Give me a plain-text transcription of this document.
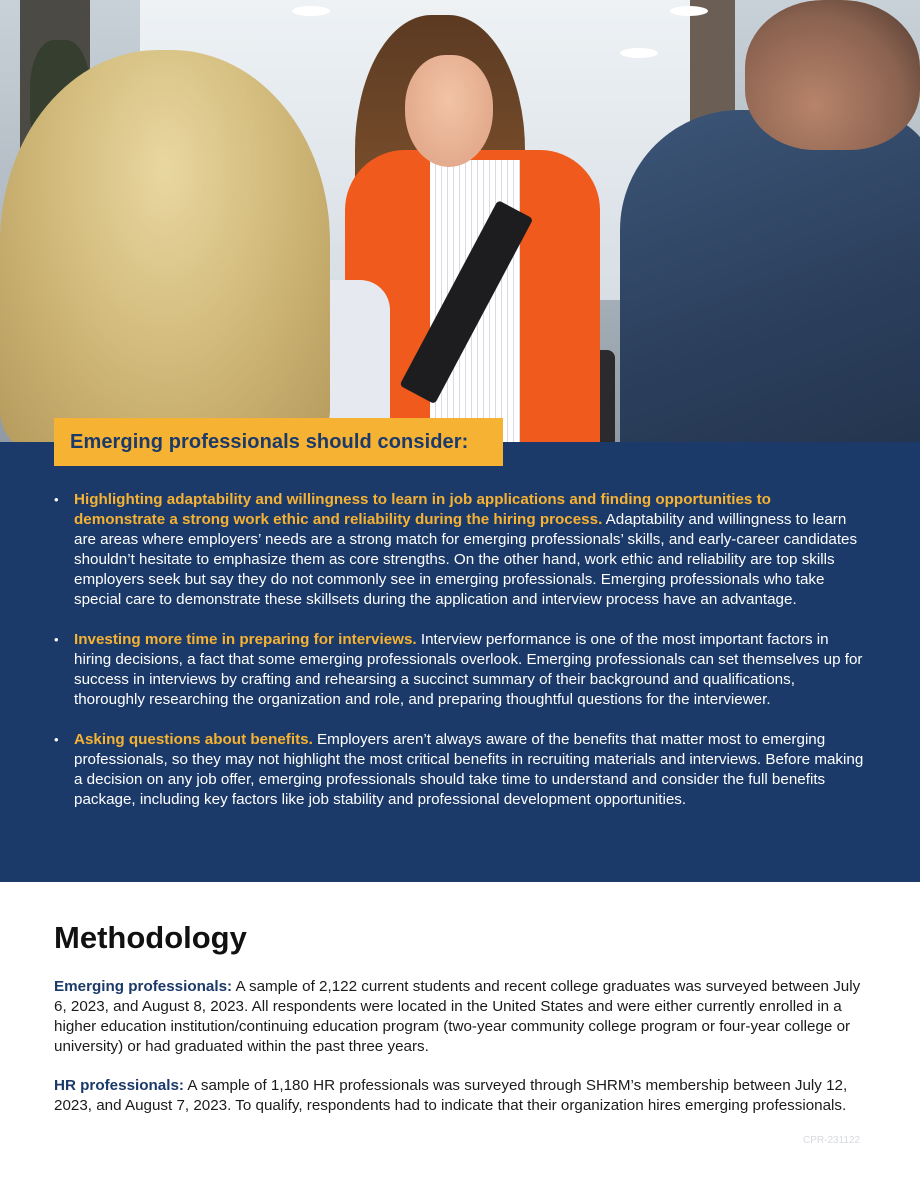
Emerging professionals should consider:
• Highlighting adaptability and willingness to learn in job applications and finding opportunities to demonstrate a strong work ethic and reliability during the hiring process. Adaptability and willingness to learn are areas where employers’ needs are a strong match for emerging professionals’ skills, and early-career candidates shouldn’t hesitate to emphasize them as core strengths. On the other hand, work ethic and reliability are top skills employers seek but say they do not commonly see in emerging professionals. Emerging professionals who take special care to demonstrate these skillsets during the application and interview process have an advantage.
• Investing more time in preparing for interviews. Interview performance is one of the most important factors in hiring decisions, a fact that some emerging professionals overlook. Emerging professionals can set themselves up for success in interviews by crafting and rehearsing a succinct summary of their background and qualifications, thoroughly researching the organization and role, and preparing thoughtful questions for the interviewer.
• Asking questions about benefits. Employers aren’t always aware of the benefits that matter most to emerging professionals, so they may not highlight the most critical benefits in recruiting materials and interviews. Before making a decision on any job offer, emerging professionals should take time to understand and consider the full benefits package, including key factors like job stability and professional development opportunities.
Methodology

Emerging professionals: A sample of 2,122 current students and recent college graduates was surveyed between July 6, 2023, and August 8, 2023. All respondents were located in the United States and were either currently enrolled in a higher education institution/continuing education program (two-year community college program or four-year college or university) or had graduated within the past three years.

HR professionals: A sample of 1,180 HR professionals was surveyed through SHRM’s membership between July 12, 2023, and August 7, 2023. To qualify, respondents had to indicate that their organization hires emerging professionals.

CPR-231122
